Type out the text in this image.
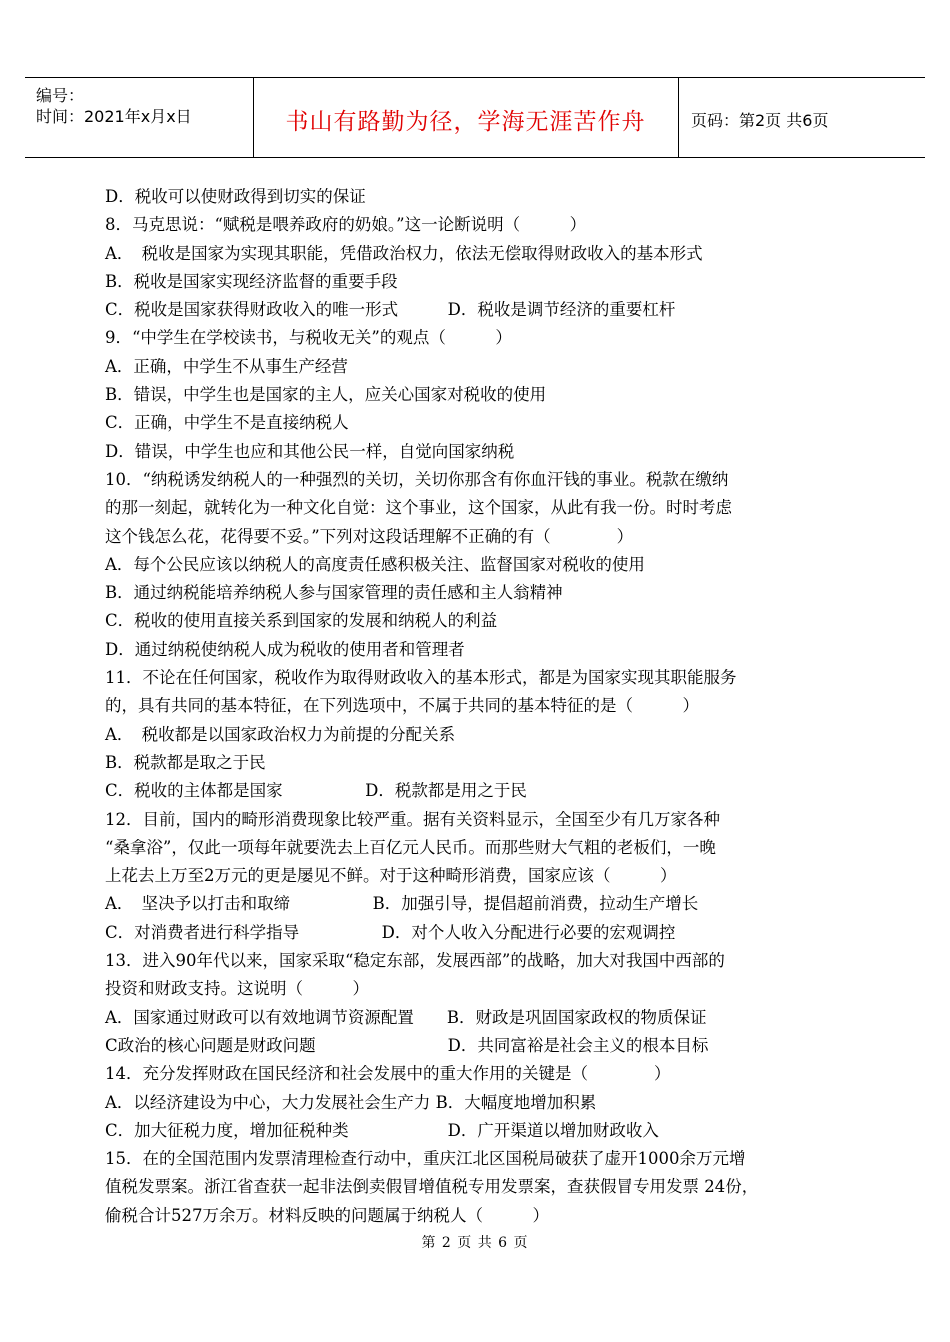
编号：
时间：2021年x月x日	书山有路勤为径，学海无涯苦作舟	页码：第2页 共6页
D．税收可以使财政得到切实的保证
8．马克思说：“赋税是喂养政府的奶娘。”这一论断说明（　　　）
A．　税收是国家为实现其职能，凭借政治权力，依法无偿取得财政收入的基本形式
B．税收是国家实现经济监督的重要手段
C．税收是国家获得财政收入的唯一形式　　　D．税收是调节经济的重要杠杆
9．“中学生在学校读书，与税收无关”的观点（　　　）
A．正确，中学生不从事生产经营
B．错误，中学生也是国家的主人，应关心国家对税收的使用
C．正确，中学生不是直接纳税人
D．错误，中学生也应和其他公民一样，自觉向国家纳税
10．“纳税诱发纳税人的一种强烈的关切，关切你那含有你血汗钱的事业。税款在缴纳
的那一刻起，就转化为一种文化自觉：这个事业，这个国家，从此有我一份。时时考虑
这个钱怎么花，花得要不妥。”下列对这段话理解不正确的有（　　　　）
A．每个公民应该以纳税人的高度责任感积极关注、监督国家对税收的使用
B．通过纳税能培养纳税人参与国家管理的责任感和主人翁精神
C．税收的使用直接关系到国家的发展和纳税人的利益
D．通过纳税使纳税人成为税收的使用者和管理者
11．不论在任何国家，税收作为取得财政收入的基本形式，都是为国家实现其职能服务
的，具有共同的基本特征，在下列选项中，不属于共同的基本特征的是（　　　）
A．　税收都是以国家政治权力为前提的分配关系
B．税款都是取之于民
C．税收的主体都是国家　　　　　D．税款都是用之于民
12．目前，国内的畸形消费现象比较严重。据有关资料显示，全国至少有几万家各种
“桑拿浴”，仅此一项每年就要洗去上百亿元人民币。而那些财大气粗的老板们，一晚
上花去上万至2万元的更是屡见不鲜。对于这种畸形消费，国家应该（　　　）
A．　坚决予以打击和取缔　　　　　B．加强引导，提倡超前消费，拉动生产增长
C．对消费者进行科学指导　　　　　D．对个人收入分配进行必要的宏观调控
13．进入90年代以来，国家采取“稳定东部，发展西部”的战略，加大对我国中西部的
投资和财政支持。这说明（　　　）
A．国家通过财政可以有效地调节资源配置　　B．财政是巩固国家政权的物质保证
C政治的核心问题是财政问题　　　　　　　　D．共同富裕是社会主义的根本目标
14．充分发挥财政在国民经济和社会发展中的重大作用的关键是（　　　　）
A．以经济建设为中心，大力发展社会生产力 B．大幅度地增加积累
C．加大征税力度，增加征税种类　　　　　　D．广开渠道以增加财政收入
15．在的全国范围内发票清理检查行动中，重庆江北区国税局破获了虚开1000余万元增
值税发票案。浙江省查获一起非法倒卖假冒增值税专用发票案，查获假冒专用发票 24份，
偷税合计527万余万。材料反映的问题属于纳税人（　　　）
第 2 页 共 6 页
